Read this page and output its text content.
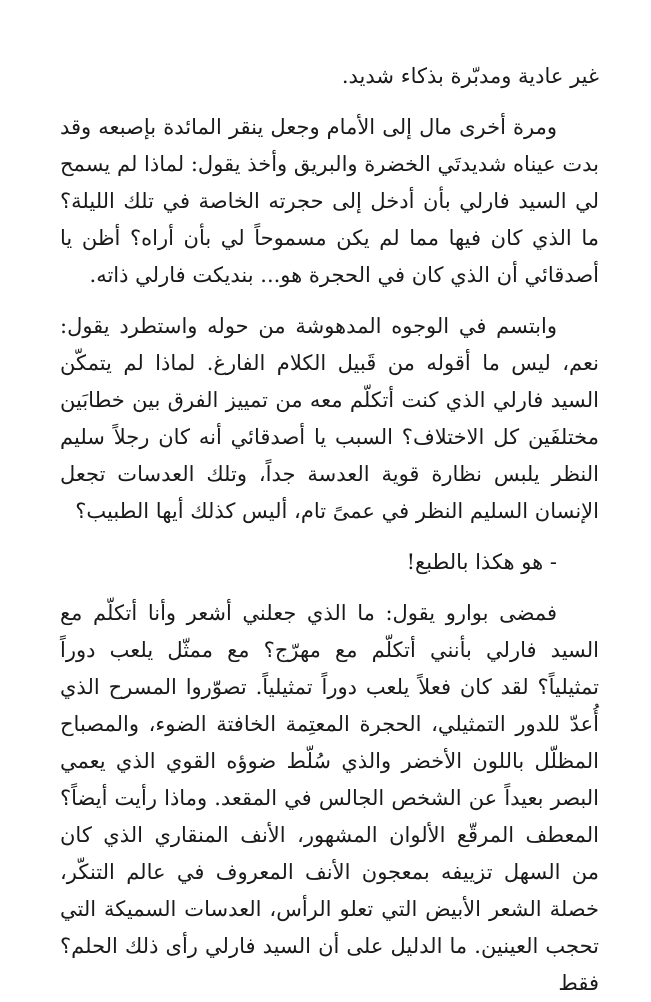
غير عادية ومدبّرة بذكاء شديد.

ومرة أخرى مال إلى الأمام وجعل ينقر المائدة بإصبعه وقد بدت عيناه شديدتَي الخضرة والبريق وأخذ يقول: لماذا لم يسمح لي السيد فارلي بأن أدخل إلى حجرته الخاصة في تلك الليلة؟ ما الذي كان فيها مما لم يكن مسموحاً لي بأن أراه؟ أظن يا أصدقائي أن الذي كان في الحجرة هو... بنديكت فارلي ذاته.

وابتسم في الوجوه المدهوشة من حوله واستطرد يقول: نعم، ليس ما أقوله من قَبيل الكلام الفارغ. لماذا لم يتمكّن السيد فارلي الذي كنت أتكلّم معه من تمييز الفرق بين خطابَين مختلفَين كل الاختلاف؟ السبب يا أصدقائي أنه كان رجلاً سليم النظر يلبس نظارة قوية العدسة جداً، وتلك العدسات تجعل الإنسان السليم النظر في عمىً تام، أليس كذلك أيها الطبيب؟

- هو هكذا بالطبع!

فمضى بوارو يقول: ما الذي جعلني أشعر وأنا أتكلّم مع السيد فارلي بأنني أتكلّم مع مهرّج؟ مع ممثّل يلعب دوراً تمثيلياً؟ لقد كان فعلاً يلعب دوراً تمثيلياً. تصوّروا المسرح الذي أُعدّ للدور التمثيلي، الحجرة المعتِمة الخافتة الضوء، والمصباح المظلّل باللون الأخضر والذي سُلّط ضوؤه القوي الذي يعمي البصر بعيداً عن الشخص الجالس في المقعد. وماذا رأيت أيضاً؟ المعطف المرقّع الألوان المشهور، الأنف المنقاري الذي كان من السهل تزييفه بمعجون الأنف المعروف في عالم التنكّر، خصلة الشعر الأبيض التي تعلو الرأس، العدسات السميكة التي تحجب العينين. ما الدليل على أن السيد فارلي رأى ذلك الحلم؟ فقط
